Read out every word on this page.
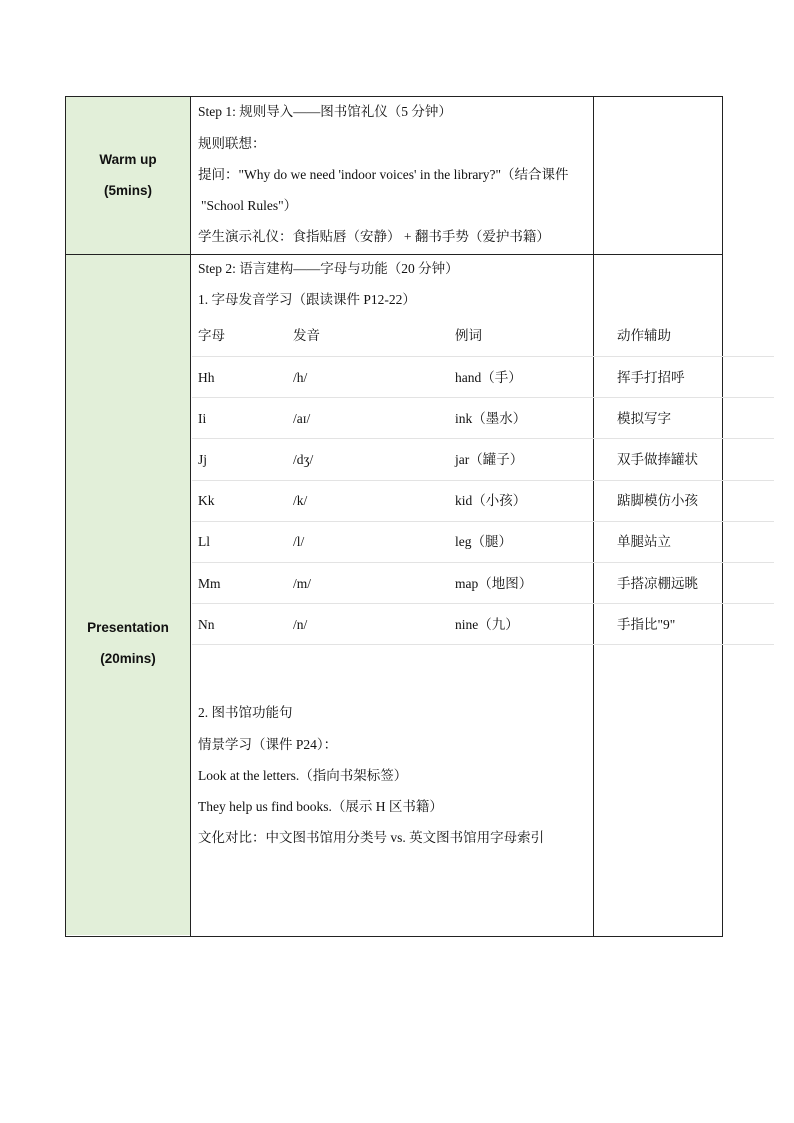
Warm up
(5mins)
Step 1: 规则导入——图书馆礼仪（5 分钟）
规则联想：
提问："Why do we need 'indoor voices' in the library?"（结合课件
"School Rules"）
学生演示礼仪：食指贴唇（安静） + 翻书手势（爱护书籍）
Presentation
(20mins)
Step 2: 语言建构——字母与功能（20 分钟）
1. 字母发音学习（跟读课件 P12-22）
字母	发音	例词	动作辅助
Hh	/h/	hand（手）	挥手打招呼
Ii	/aɪ/	ink（墨水）	模拟写字
Jj	/dʒ/	jar（罐子）	双手做捧罐状
Kk	/k/	kid（小孩）	踮脚模仿小孩
Ll	/l/	leg（腿）	单腿站立
Mm	/m/	map（地图）	手搭凉棚远眺
Nn	/n/	nine（九）	手指比"9"
2. 图书馆功能句
情景学习（课件 P24）：
Look at the letters.（指向书架标签）
They help us find books.（展示 H 区书籍）
文化对比：中文图书馆用分类号 vs. 英文图书馆用字母索引
